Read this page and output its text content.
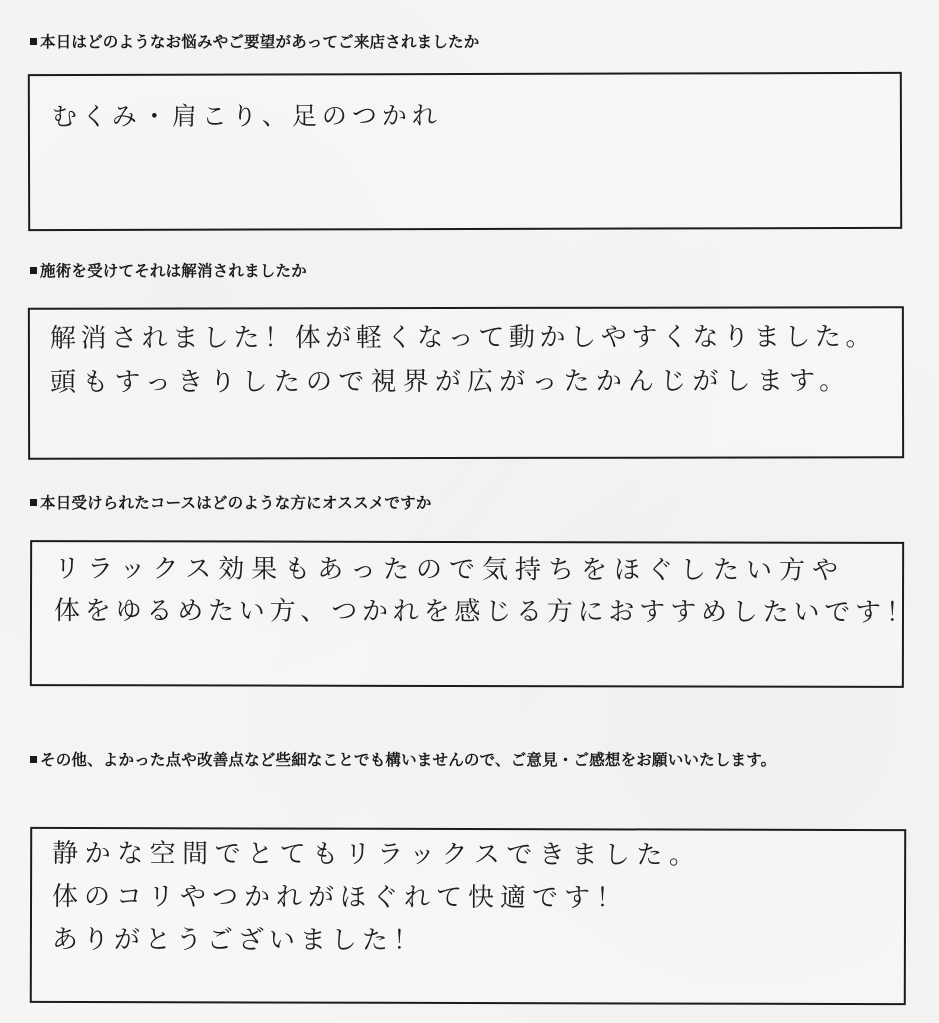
本日はどのようなお悩みやご要望があってご来店されましたか
むくみ・肩こり、足のつかれ
施術を受けてそれは解消されましたか
解消されました！体が軽くなって動かしやすくなりました。
頭もすっきりしたので視界が広がったかんじがします。
本日受けられたコースはどのような方にオススメですか
リラックス効果もあったので気持ちをほぐしたい方や
体をゆるめたい方、つかれを感じる方におすすめしたいです！
その他、よかった点や改善点など些細なことでも構いませんので、ご意見・ご感想をお願いいたします。
静かな空間でとてもリラックスできました。
体のコリやつかれがほぐれて快適です！
ありがとうございました！
